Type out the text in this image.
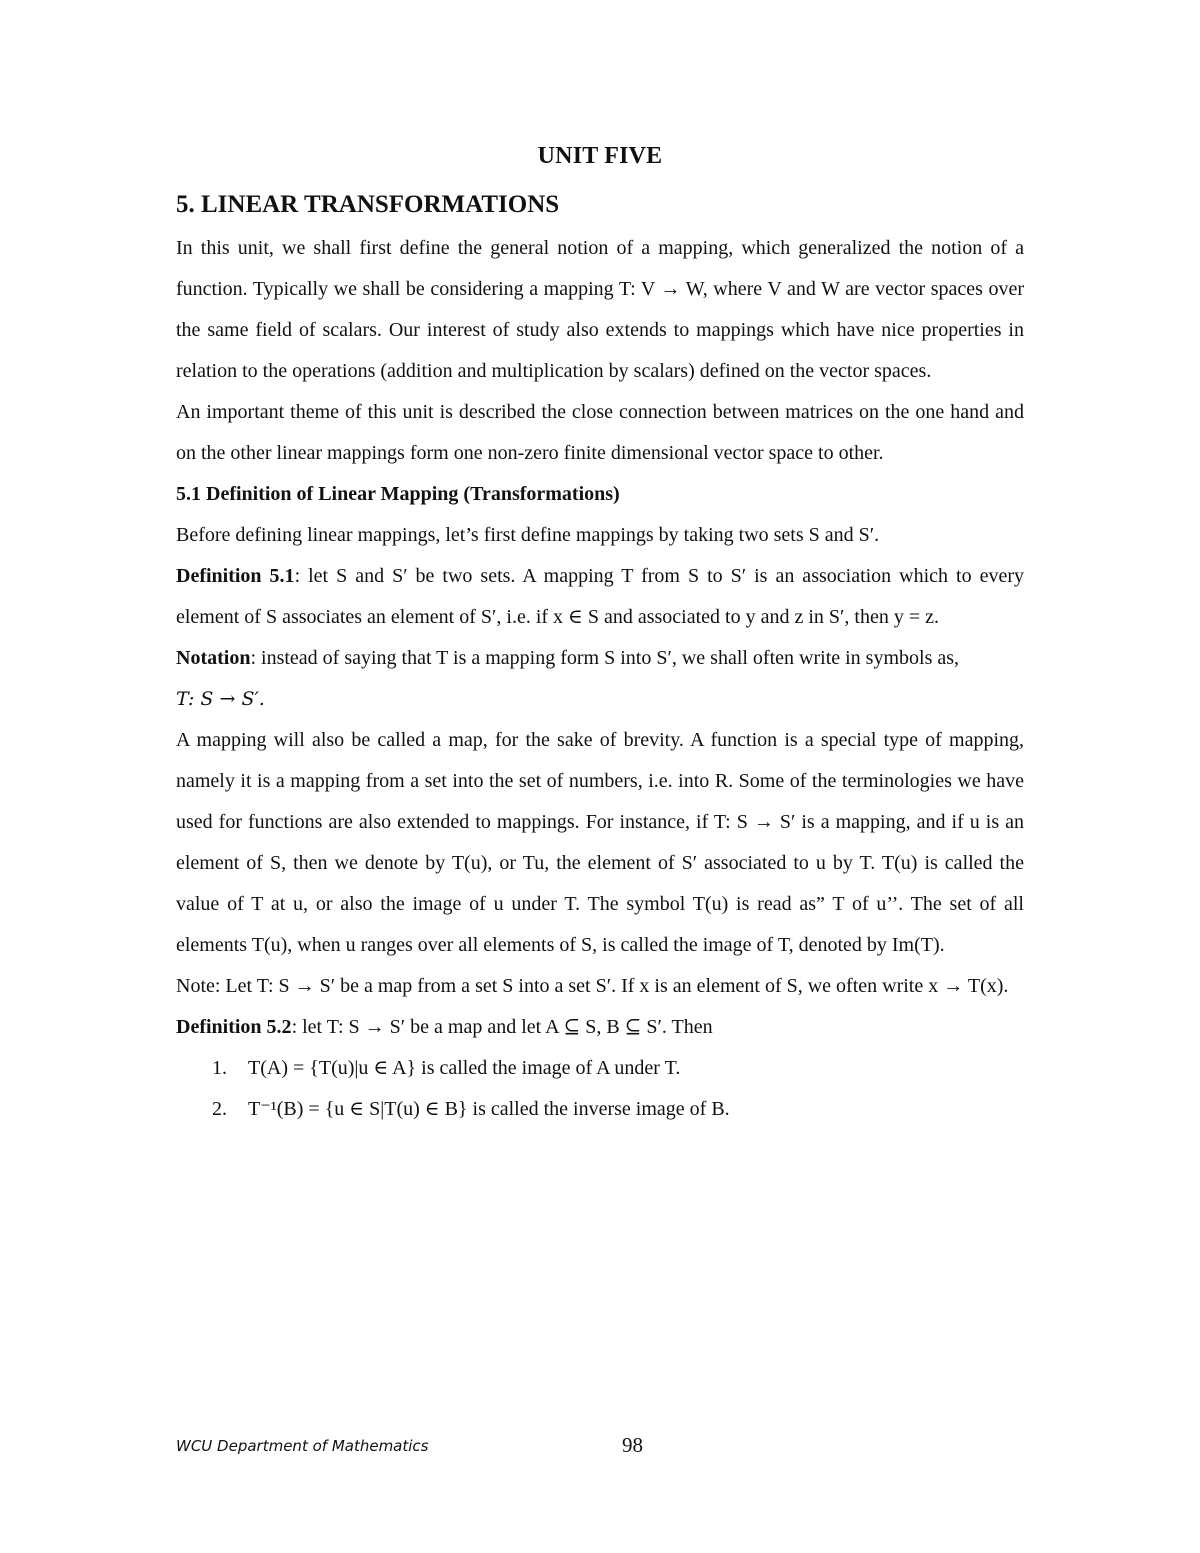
UNIT FIVE
5. LINEAR TRANSFORMATIONS

In this unit, we shall first define the general notion of a mapping, which generalized the notion of a function. Typically we shall be considering a mapping T: V → W, where V and W are vector spaces over the same field of scalars. Our interest of study also extends to mappings which have nice properties in relation to the operations (addition and multiplication by scalars) defined on the vector spaces.

An important theme of this unit is described the close connection between matrices on the one hand and on the other linear mappings form one non-zero finite dimensional vector space to other.

5.1 Definition of Linear Mapping (Transformations)

Before defining linear mappings, let’s first define mappings by taking two sets S and S′.

Definition 5.1: let S and S′ be two sets. A mapping T from S to S′ is an association which to every element of S associates an element of S′, i.e. if x ∈ S and associated to y and z in S′, then y = z.

Notation: instead of saying that T is a mapping form S into S′, we shall often write in symbols as,

T: S → S′.

A mapping will also be called a map, for the sake of brevity. A function is a special type of mapping, namely it is a mapping from a set into the set of numbers, i.e. into R. Some of the terminologies we have used for functions are also extended to mappings. For instance, if T: S → S′ is a mapping, and if u is an element of S, then we denote by T(u), or Tu, the element of S′ associated to u by T. T(u) is called the value of T at u, or also the image of u under T. The symbol T(u) is read as” T of u’’. The set of all elements T(u), when u ranges over all elements of S, is called the image of T, denoted by Im(T).

Note: Let T: S → S′ be a map from a set S into a set S′. If x is an element of S, we often write x → T(x).

Definition 5.2: let T: S → S′ be a map and let A ⊆ S, B ⊆ S′. Then

1. T(A) = {T(u)|u ∈ A} is called the image of A under T.
2. T⁻¹(B) = {u ∈ S|T(u) ∈ B} is called the inverse image of B.
WCU Department of Mathematics	98
